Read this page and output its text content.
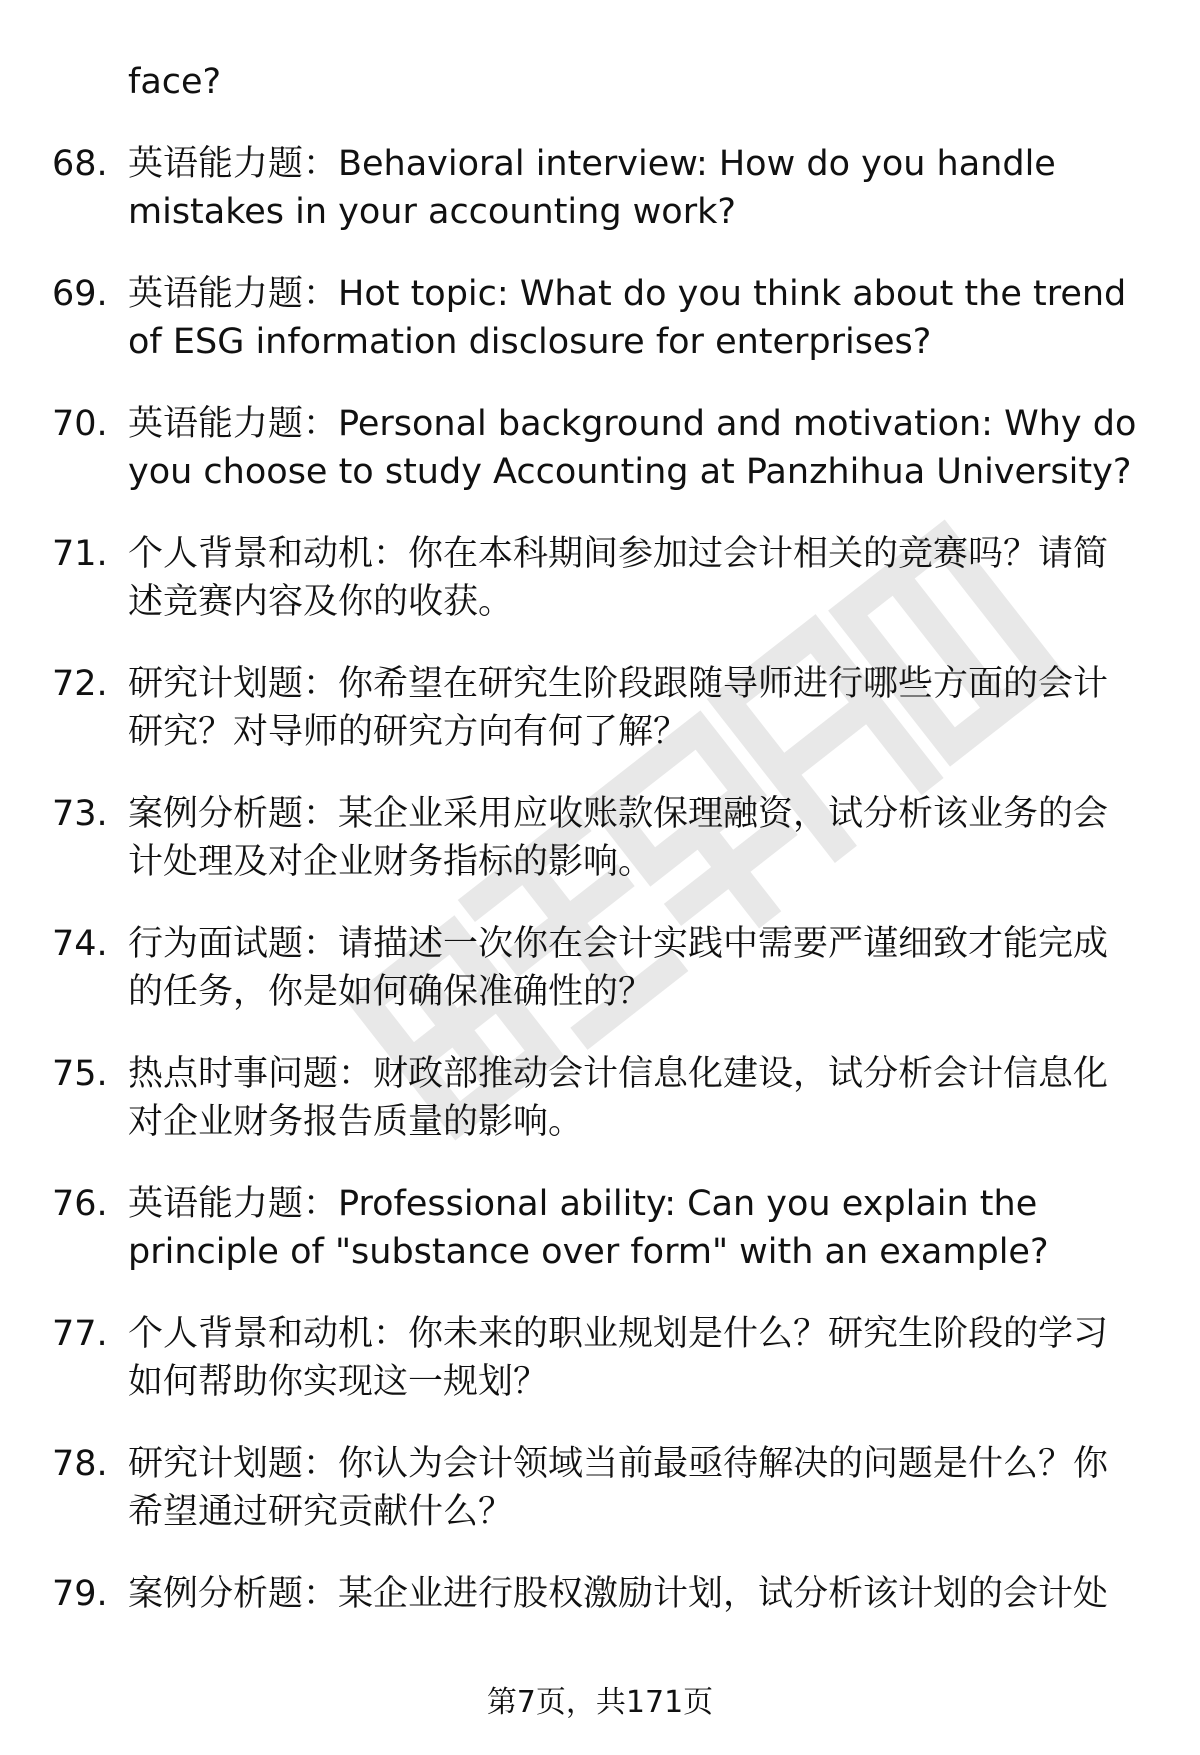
face?
68. 英语能力题：Behavioral interview: How do you handle
mistakes in your accounting work?
69. 英语能力题：Hot topic: What do you think about the trend
of ESG information disclosure for enterprises?
70. 英语能力题：Personal background and motivation: Why do
you choose to study Accounting at Panzhihua University?
71. 个人背景和动机：你在本科期间参加过会计相关的竞赛吗？请简
述竞赛内容及你的收获。
72. 研究计划题：你希望在研究生阶段跟随导师进行哪些方面的会计
研究？对导师的研究方向有何了解？
73. 案例分析题：某企业采用应收账款保理融资，试分析该业务的会
计处理及对企业财务指标的影响。
74. 行为面试题：请描述一次你在会计实践中需要严谨细致才能完成
的任务，你是如何确保准确性的？
75. 热点时事问题：财政部推动会计信息化建设，试分析会计信息化
对企业财务报告质量的影响。
76. 英语能力题：Professional ability: Can you explain the
principle of "substance over form" with an example?
77. 个人背景和动机：你未来的职业规划是什么？研究生阶段的学习
如何帮助你实现这一规划？
78. 研究计划题：你认为会计领域当前最亟待解决的问题是什么？你
希望通过研究贡献什么？
79. 案例分析题：某企业进行股权激励计划，试分析该计划的会计处
第7页，共171页
